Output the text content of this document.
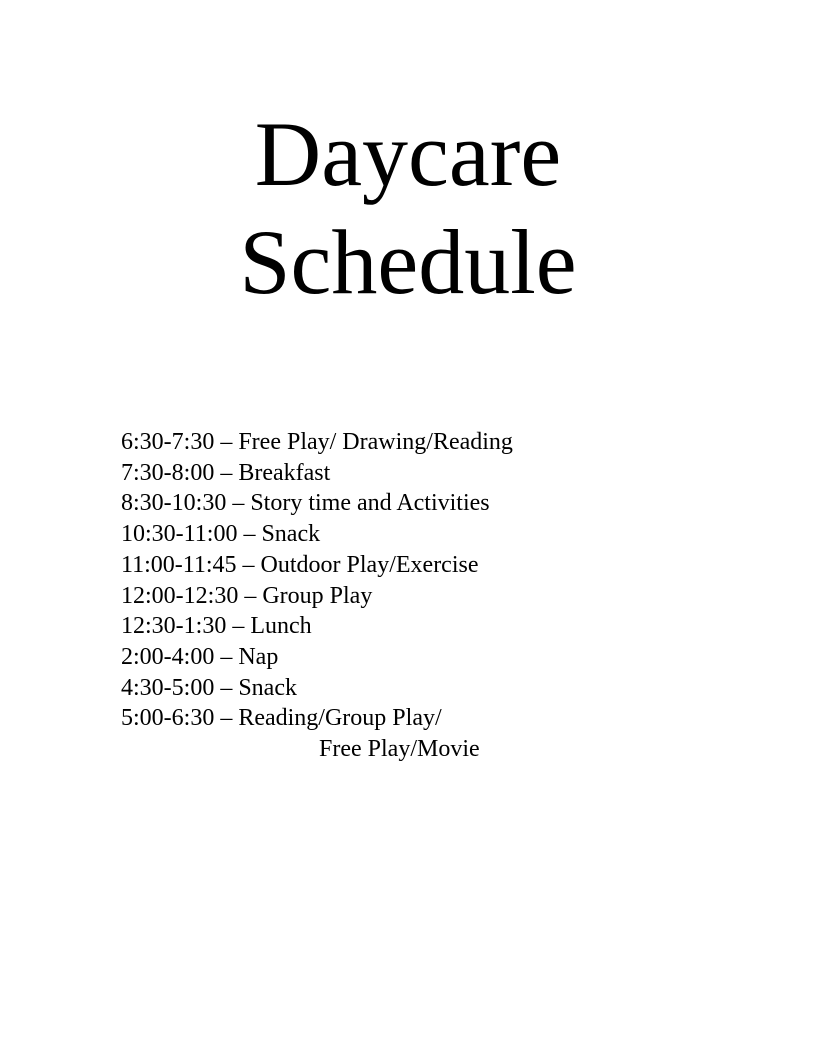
Daycare
Schedule
6:30-7:30 – Free Play/ Drawing/Reading
7:30-8:00 – Breakfast
8:30-10:30 – Story time and Activities
10:30-11:00 – Snack
11:00-11:45 – Outdoor Play/Exercise
12:00-12:30 – Group Play
12:30-1:30 – Lunch
2:00-4:00 – Nap
4:30-5:00 – Snack
5:00-6:30 – Reading/Group Play/
Free Play/Movie
